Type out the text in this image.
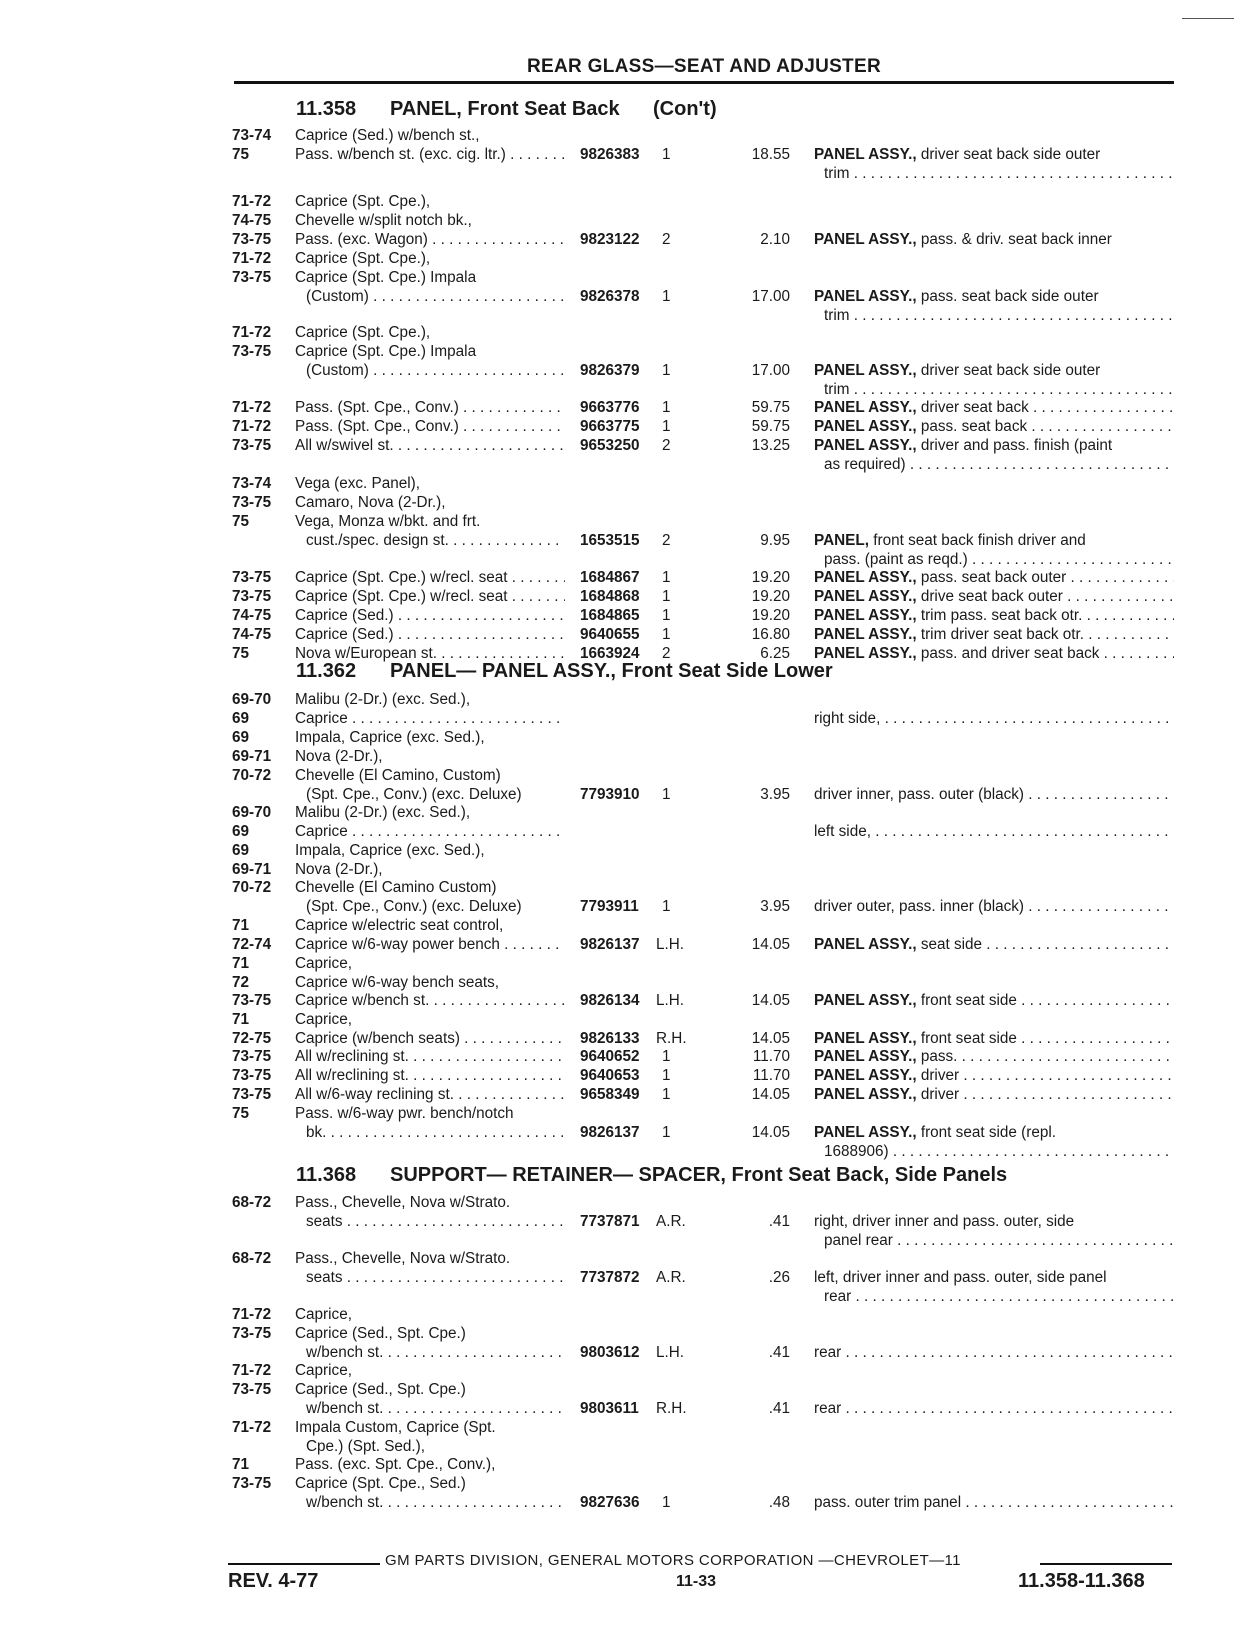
REAR GLASS—SEAT AND ADJUSTER
11.358 PANEL, Front Seat Back      (Con't)
11.362 PANEL— PANEL ASSY., Front Seat Side Lower
11.368 SUPPORT— RETAINER— SPACER, Front Seat Back, Side Panels
73-74 Caprice (Sed.) w/bench st.,
75	Pass. w/bench st. (exc. cig. ltr.) . . .	9826383 1	18.55 PANEL ASSY., driver seat back side outer
trim . . .
71-72 Caprice (Spt. Cpe.),
74-75 Chevelle w/split notch bk.,
73-75 Pass. (exc. Wagon) . . .	9823122 2	2.10 PANEL ASSY., pass. & driv. seat back inner
71-72 Caprice (Spt. Cpe.),
73-75 Caprice (Spt. Cpe.) Impala
(Custom) . . .	9826378 1	17.00 PANEL ASSY., pass. seat back side outer
trim . . .
71-72 Caprice (Spt. Cpe.),
73-75 Caprice (Spt. Cpe.) Impala
(Custom) . . .	9826379 1	17.00 PANEL ASSY., driver seat back side outer
trim . . .
71-72 Pass. (Spt. Cpe., Conv.) . . .	9663776 1	59.75 PANEL ASSY., driver seat back . . .
71-72 Pass. (Spt. Cpe., Conv.) . . .	9663775 1	59.75 PANEL ASSY., pass. seat back . . .
73-75 All w/swivel st. . . .	9653250 2	13.25 PANEL ASSY., driver and pass. finish (paint
as required) . . .
73-74 Vega (exc. Panel),
73-75 Camaro, Nova (2-Dr.),
75	Vega, Monza w/bkt. and frt.
cust./spec. design st. . . .	1653515 2	9.95 PANEL, front seat back finish driver and
pass. (paint as reqd.) . . .
73-75 Caprice (Spt. Cpe.) w/recl. seat . . .	1684867 1	19.20 PANEL ASSY., pass. seat back outer . . .
73-75 Caprice (Spt. Cpe.) w/recl. seat . . .	1684868 1	19.20 PANEL ASSY., drive seat back outer . . .
74-75 Caprice (Sed.) . . .	1684865 1	19.20 PANEL ASSY., trim pass. seat back otr. . . .
74-75 Caprice (Sed.) . . .	9640655 1	16.80 PANEL ASSY., trim driver seat back otr. . . .
75	Nova w/European st. . . .	1663924 2	6.25 PANEL ASSY., pass. and driver seat back . . .
69-70 Malibu (2-Dr.) (exc. Sed.),
69	Caprice . . .	right side, . . .
69	Impala, Caprice (exc. Sed.),
69-71 Nova (2-Dr.),
70-72 Chevelle (El Camino, Custom)
(Spt. Cpe., Conv.) (exc. Deluxe)	7793910 1	3.95 driver inner, pass. outer (black) . . .
69-70 Malibu (2-Dr.) (exc. Sed.),
69	Caprice . . .	left side, . . .
69	Impala, Caprice (exc. Sed.),
69-71 Nova (2-Dr.),
70-72 Chevelle (El Camino Custom)
(Spt. Cpe., Conv.) (exc. Deluxe)	7793911 1	3.95 driver outer, pass. inner (black) . . .
71	Caprice w/electric seat control,
72-74 Caprice w/6-way power bench . . .	9826137 L.H.	14.05 PANEL ASSY., seat side . . .
71	Caprice,
72	Caprice w/6-way bench seats,
73-75 Caprice w/bench st. . . .	9826134 L.H.	14.05 PANEL ASSY., front seat side . . .
71	Caprice,
72-75 Caprice (w/bench seats) . . .	9826133 R.H.	14.05 PANEL ASSY., front seat side . . .
73-75 All w/reclining st. . . .	9640652 1	11.70 PANEL ASSY., pass. . . .
73-75 All w/reclining st. . . .	9640653 1	11.70 PANEL ASSY., driver . . .
73-75 All w/6-way reclining st. . . .	9658349 1	14.05 PANEL ASSY., driver . . .
75	Pass. w/6-way pwr. bench/notch
bk. . . .	9826137 1	14.05 PANEL ASSY., front seat side (repl.
1688906) . . .
68-72 Pass., Chevelle, Nova w/Strato.
seats . . .	7737871 A.R.	.41 right, driver inner and pass. outer, side
panel rear . . .
68-72 Pass., Chevelle, Nova w/Strato.
seats . . .	7737872 A.R.	.26 left, driver inner and pass. outer, side panel
rear . . .
71-72 Caprice,
73-75 Caprice (Sed., Spt. Cpe.)
w/bench st. . . .	9803612 L.H.	.41 rear . . .
71-72 Caprice,
73-75 Caprice (Sed., Spt. Cpe.)
w/bench st. . . .	9803611 R.H.	.41 rear . . .
71-72 Impala Custom, Caprice (Spt.
Cpe.) (Spt. Sed.),
71	Pass. (exc. Spt. Cpe., Conv.),
73-75 Caprice (Spt. Cpe., Sed.)
w/bench st. . . .	9827636 1	.48 pass. outer trim panel . . .
GM PARTS DIVISION, GENERAL MOTORS CORPORATION —CHEVROLET—11
REV. 4-77	11-33	11.358-11.368
